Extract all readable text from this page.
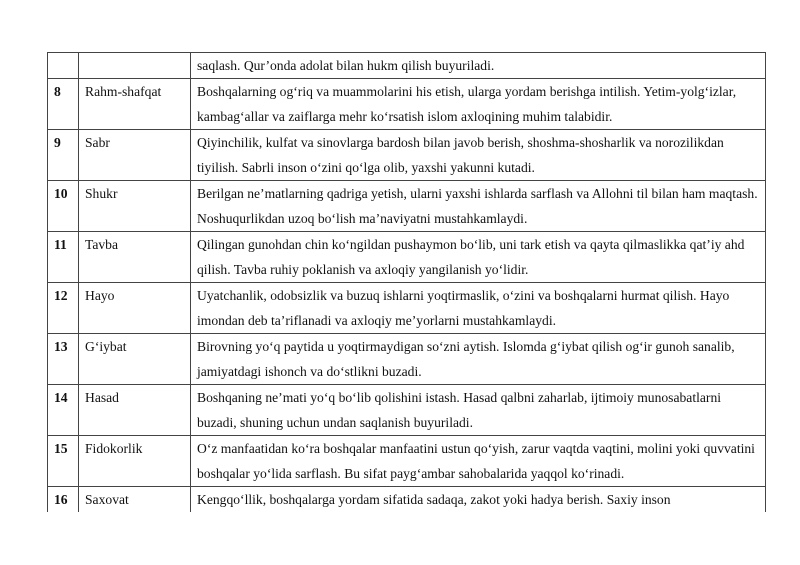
		saqlash. Qur’onda adolat bilan hukm qilish buyuriladi.
8	Rahm-shafqat	Boshqalarning og‘riq va muammolarini his etish, ularga yordam berishga intilish. Yetim-yolg‘izlar, kambag‘allar va zaiflarga mehr ko‘rsatish islom axloqining muhim talabidir.
9	Sabr	Qiyinchilik, kulfat va sinovlarga bardosh bilan javob berish, shoshma-shosharlik va norozilikdan tiyilish. Sabrli inson o‘zini qo‘lga olib, yaxshi yakunni kutadi.
10	Shukr	Berilgan ne’matlarning qadriga yetish, ularni yaxshi ishlarda sarflash va Allohni til bilan ham maqtash. Noshuqurlikdan uzoq bo‘lish ma’naviyatni mustahkamlaydi.
11	Tavba	Qilingan gunohdan chin ko‘ngildan pushaymon bo‘lib, uni tark etish va qayta qilmaslikka qat’iy ahd qilish. Tavba ruhiy poklanish va axloqiy yangilanish yo‘lidir.
12	Hayo	Uyatchanlik, odobsizlik va buzuq ishlarni yoqtirmaslik, o‘zini va boshqalarni hurmat qilish. Hayo imondan deb ta’riflanadi va axloqiy me’yorlarni mustahkamlaydi.
13	G‘iybat	Birovning yo‘q paytida u yoqtirmaydigan so‘zni aytish. Islomda g‘iybat qilish og‘ir gunoh sanalib, jamiyatdagi ishonch va do‘stlikni buzadi.
14	Hasad	Boshqaning ne’mati yo‘q bo‘lib qolishini istash. Hasad qalbni zaharlab, ijtimoiy munosabatlarni buzadi, shuning uchun undan saqlanish buyuriladi.
15	Fidokorlik	O‘z manfaatidan ko‘ra boshqalar manfaatini ustun qo‘yish, zarur vaqtda vaqtini, molini yoki quvvatini boshqalar yo‘lida sarflash. Bu sifat payg‘ambar sahobalarida yaqqol ko‘rinadi.
16	Saxovat	Kengqo‘llik, boshqalarga yordam sifatida sadaqa, zakot yoki hadya berish. Saxiy inson
